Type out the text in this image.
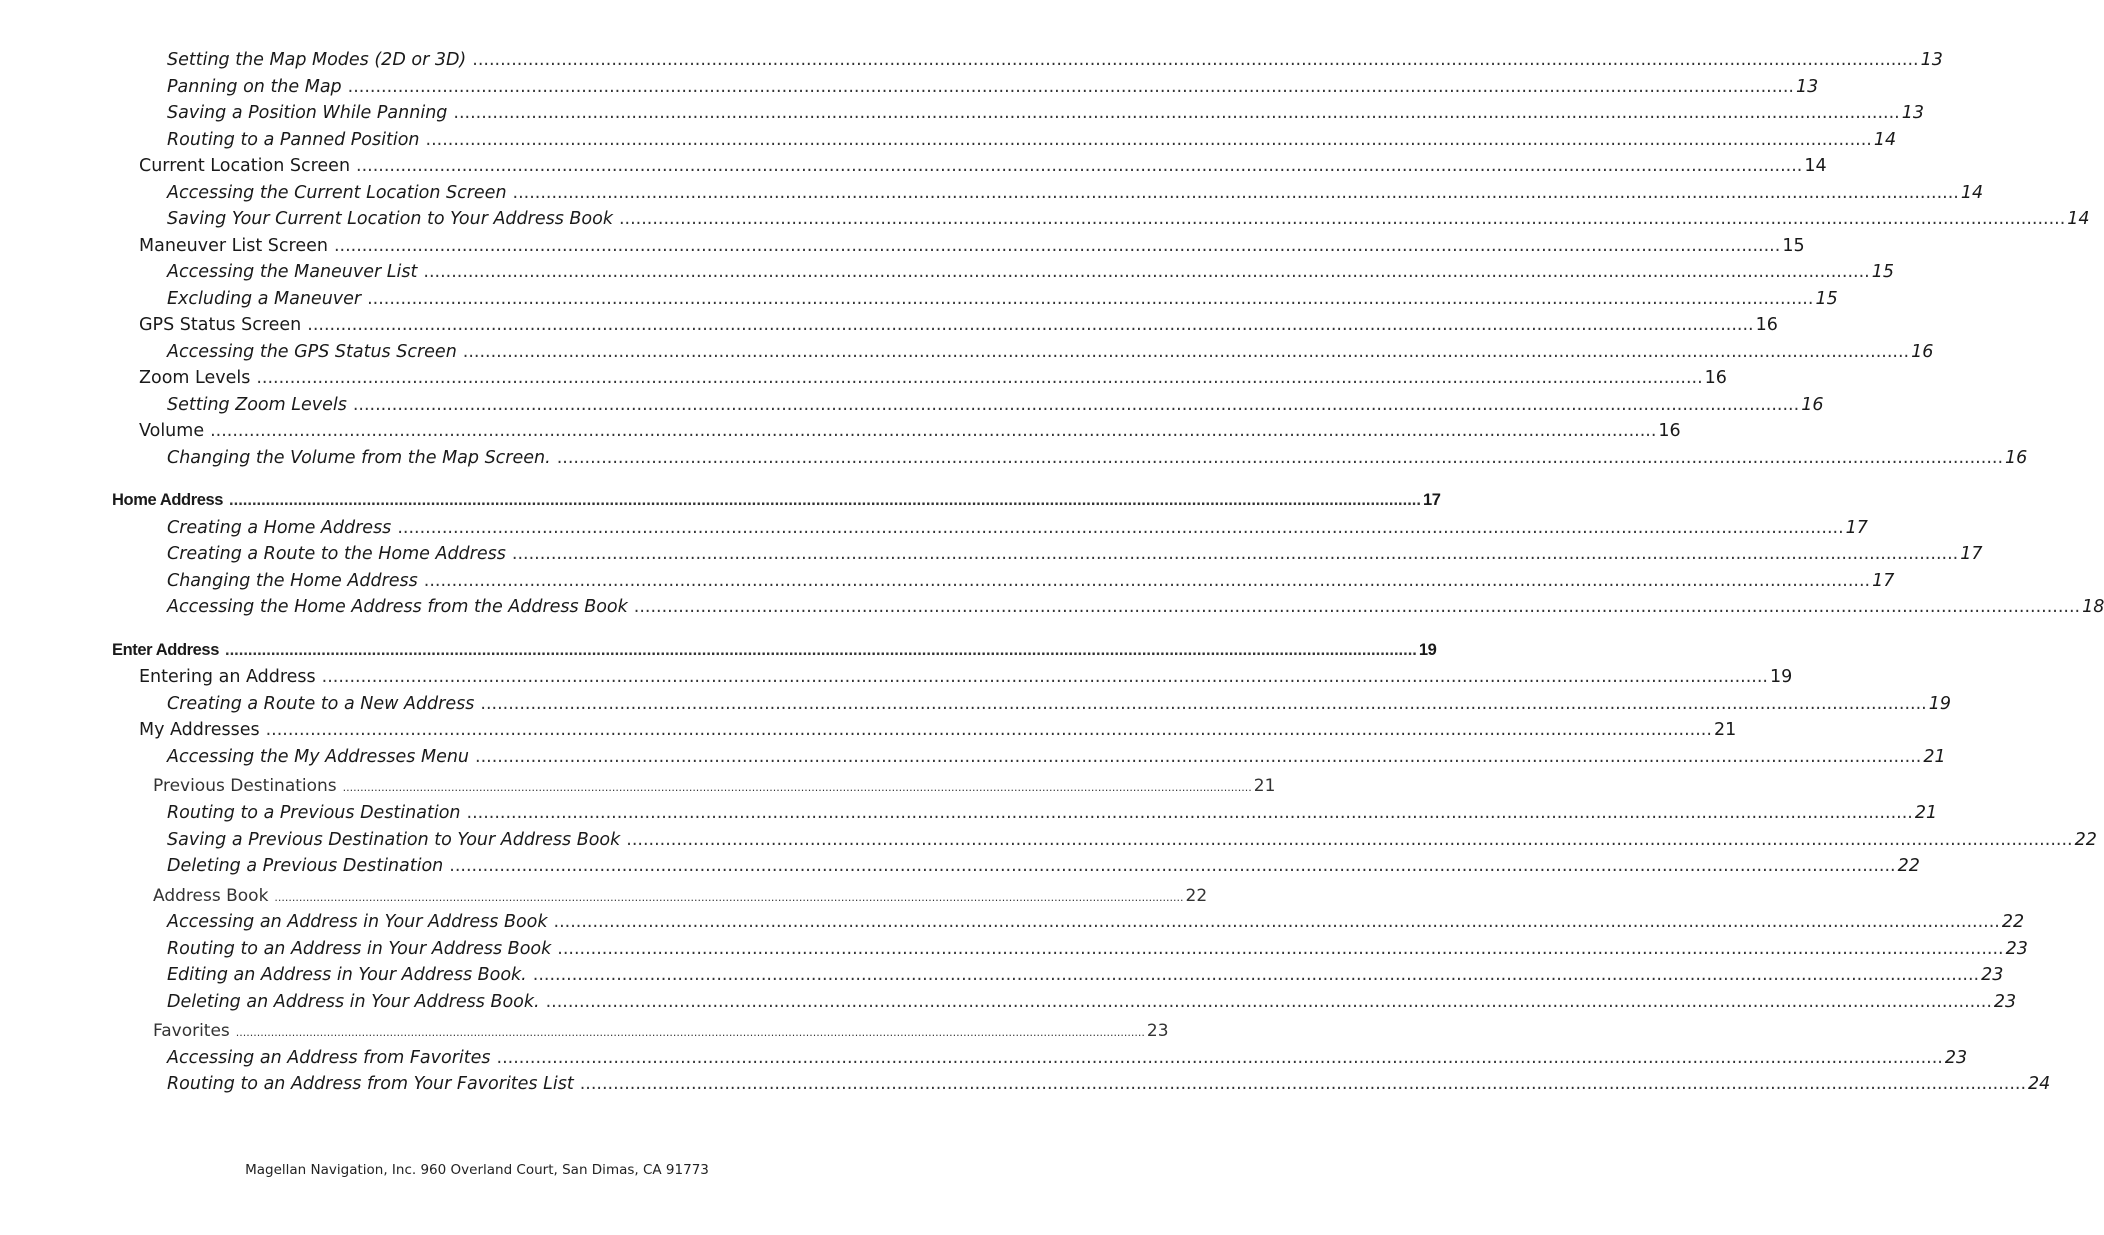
Setting the Map Modes (2D or 3D) .................................................................................................................................................................................................................................................................... 13
Panning on the Map .................................................................................................................................................................................................................................................................... 13
Saving a Position While Panning .................................................................................................................................................................................................................................................................... 13
Routing to a Panned Position .................................................................................................................................................................................................................................................................... 14
Current Location Screen .................................................................................................................................................................................................................................................................... 14
Accessing the Current Location Screen .................................................................................................................................................................................................................................................................... 14
Saving Your Current Location to Your Address Book .................................................................................................................................................................................................................................................................... 14
Maneuver List Screen .................................................................................................................................................................................................................................................................... 15
Accessing the Maneuver List .................................................................................................................................................................................................................................................................... 15
Excluding a Maneuver .................................................................................................................................................................................................................................................................... 15
GPS Status Screen .................................................................................................................................................................................................................................................................... 16
Accessing the GPS Status Screen .................................................................................................................................................................................................................................................................... 16
Zoom Levels .................................................................................................................................................................................................................................................................... 16
Setting Zoom Levels .................................................................................................................................................................................................................................................................... 16
Volume .................................................................................................................................................................................................................................................................... 16
Changing the Volume from the Map Screen. .................................................................................................................................................................................................................................................................... 16
Home Address .................................................................................................................................................................................................................................................................... 17
Creating a Home Address .................................................................................................................................................................................................................................................................... 17
Creating a Route to the Home Address .................................................................................................................................................................................................................................................................... 17
Changing the Home Address .................................................................................................................................................................................................................................................................... 17
Accessing the Home Address from the Address Book .................................................................................................................................................................................................................................................................... 18
Enter Address .................................................................................................................................................................................................................................................................... 19
Entering an Address .................................................................................................................................................................................................................................................................... 19
Creating a Route to a New Address .................................................................................................................................................................................................................................................................... 19
My Addresses .................................................................................................................................................................................................................................................................... 21
Accessing the My Addresses Menu .................................................................................................................................................................................................................................................................... 21
Previous Destinations .................................................................................................................................................................................................................................................................... 21
Routing to a Previous Destination .................................................................................................................................................................................................................................................................... 21
Saving a Previous Destination to Your Address Book .................................................................................................................................................................................................................................................................... 22
Deleting a Previous Destination .................................................................................................................................................................................................................................................................... 22
Address Book .................................................................................................................................................................................................................................................................... 22
Accessing an Address in Your Address Book .................................................................................................................................................................................................................................................................... 22
Routing to an Address in Your Address Book .................................................................................................................................................................................................................................................................... 23
Editing an Address in Your Address Book. .................................................................................................................................................................................................................................................................... 23
Deleting an Address in Your Address Book. .................................................................................................................................................................................................................................................................... 23
Favorites .................................................................................................................................................................................................................................................................... 23
Accessing an Address from Favorites .................................................................................................................................................................................................................................................................... 23
Routing to an Address from Your Favorites List .................................................................................................................................................................................................................................................................... 24
Magellan Navigation, Inc. 960 Overland Court, San Dimas, CA 91773
